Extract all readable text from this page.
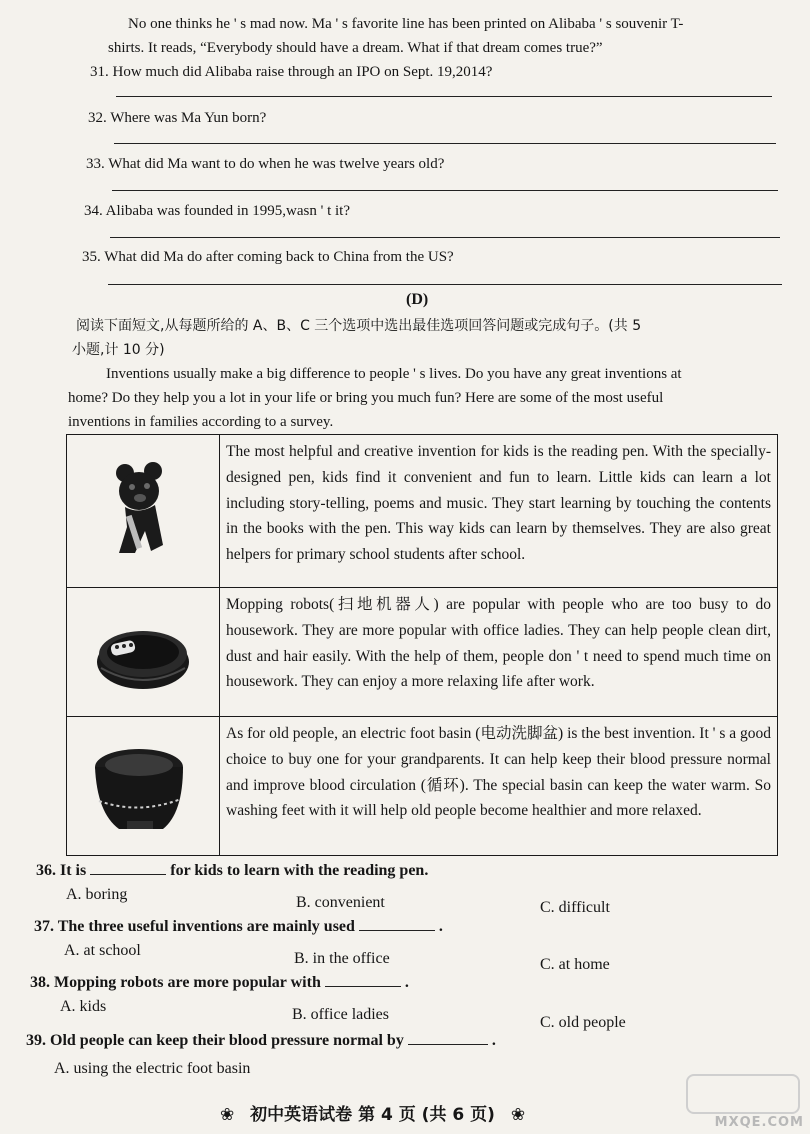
No one thinks he ' s mad now. Ma ' s favorite line has been printed on Alibaba ' s souvenir T-
shirts. It reads, “Everybody should have a dream. What if that dream comes true?”
31. How much did Alibaba raise through an IPO on Sept. 19,2014?
32. Where was Ma Yun born?
33. What did Ma want to do when he was twelve years old?
34. Alibaba was founded in 1995,wasn ' t it?
35. What did Ma do after coming back to China from the US?
(D)
阅读下面短文,从每题所给的 A、B、C 三个选项中选出最佳选项回答问题或完成句子。(共 5
小题,计 10 分)
Inventions usually make a big difference to people ' s lives. Do you have any great inventions at
home? Do they help you a lot in your life or bring you much fun? Here are some of the most useful
inventions in families according to a survey.
	The most helpful and creative invention for kids is the reading pen. With the specially-designed pen, kids find it convenient and fun to learn. Little kids can learn a lot including story-telling, poems and music. They start learning by touching the contents in the books with the pen. This way kids can learn by themselves. They are also great helpers for primary school students after school.

	Mopping robots(扫地机器人) are popular with people who are too busy to do housework. They are more popular with office ladies. They can help people clean dirt, dust and hair easily. With the help of them, people don ' t need to spend much time on housework. They can enjoy a more relaxing life after work.

	As for old people, an electric foot basin (电动洗脚盆) is the best invention. It ' s a good choice to buy one for your grandparents. It can help keep their blood pressure normal and improve blood circulation (循环). The special basin can keep the water warm. So washing feet with it will help old people become healthier and more relaxed.
36. It is	for kids to learn with the reading pen.
A. boring	B. convenient	C. difficult
37. The three useful inventions are mainly used	.
A. at school	B. in the office	C. at home
38. Mopping robots are more popular with	.
A. kids	B. office ladies	C. old people
39. Old people can keep their blood pressure normal by	.
A. using the electric foot basin
❀ 初中英语试卷 第 4 页 (共 6 页) ❀	MXQE.COM
